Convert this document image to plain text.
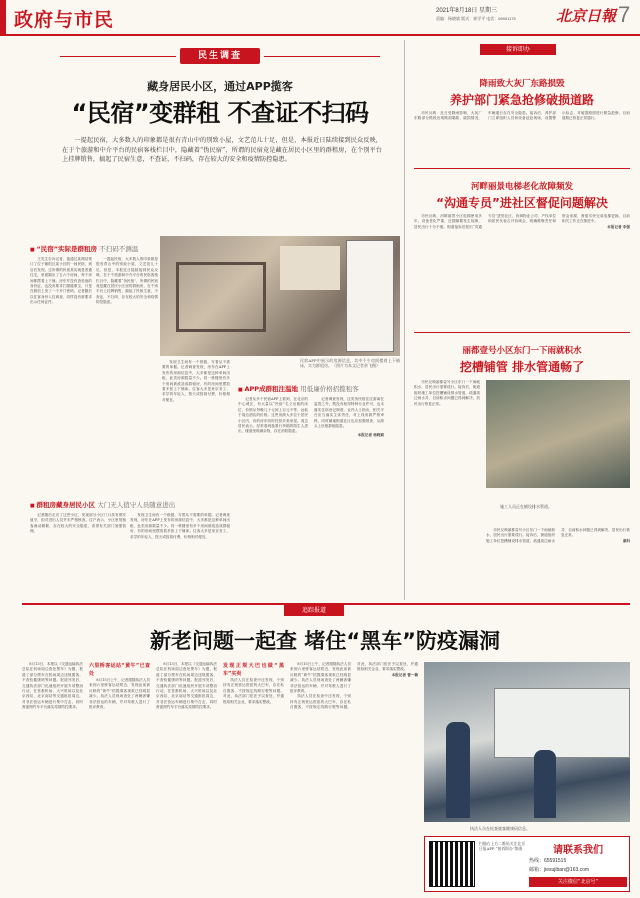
政府与市民	2021年8月18日 星期三
责编：杨晓斌 版式：崔学平 电话：65901175	北京日報 7
民生调查
藏身居民小区，通过APP揽客
“民宿”变群租 不查证不扫码
一提起民宿，大多数人的印象都是很有青山中的别致小屋，文艺范儿十足，但是，本报近日陆续接到民众反映，在于个旅游和中介平台的民宿客栈栏目中，隐藏着“伪民宿”，所谓的民宿竟是藏在居民小区里的群租房，在个别平台上挂牌销售，搞起了民宿生意，不查证，不扫码，存在较大的安全和疫情防控隐患。
民宿APP中展示的房源信息，其中不少房间摆着上下铺床，实为群租房。（图片为本文记者余飞摄）
■ “民宿”实际是群租房 不扫码不测温

王先生告诉记者，他通过某网站预订了位于朝阳区某小区的一间民宿，到店后发现，这所谓的民宿其实就是普通住宅，里面隔出了五六个房间，每个房间都摆着上下铺。房东并没有查验他的身份证，也没有要求扫描健康宝，只是在微信上发了一个开门密码。记者随后以住客身份入住调查，同样没有被要求出示任何证件。

一提起民宿，大多数人的印象都是很有青山中的别致小屋，文艺范儿十足，但是，本报近日陆续接到民众反映，在于个旅游和中介平台的民宿客栈栏目中，隐藏着“伪民宿”，所谓的民宿竟是藏在居民小区里的群租房，在个别平台上挂牌销售，搞起了民宿生意，不查证，不扫码，存在较大的安全和疫情防控隐患。

发现卫生间有一个纸箱，写着从不需要的单据。记者调查发现，房东在APP上发布的房源信息中，大多都是这种单间出租，此类房源数量不少。同一栋楼里有多个房间被改造成群租房，有的房间里摆放着多张上下铺床。住客大多是来京务工、求学的年轻人，按天或按周付费，价格相对便宜。

■ APP成群租注温地 用低廉价格招揽租客

记者从多个民宿APP上看到，在北京的中心城区，有大量以“民宿”名义出租的床位，价格从每晚几十元到上百元不等，远低于周边酒店的价格。这些房源大多位于居民小区内，有的房东同时经营多套房屋。周边居民表示，经常看到拖着行李箱的陌生人进出，楼道里堆满杂物，存在消防隐患。

记者调查发现，这类伪民宿往往游离在监管之外，既没有取得特种行业许可，也未落实住宿登记制度。业内人士指出，相关平台应当落实主体责任，对上线房源严格审核，同时属地街道社区也应加强排查，从源头上杜绝群租隐患。

本报记者 杨晓斌

■ 群租房藏身居民小区 大门无人值守人员随意进出

记者随后走访了这些小区，发现部分小区门口虽有保安值守，但对进出人员并未严格核查。住户表示，小区里短租客流动频繁，存在较大的安全隐患，希望有关部门加强管理。

发现卫生间有一个纸箱，写着从不需要的单据。记者调查发现，房东在APP上发布的房源信息中，大多都是这种单间出租，此类房源数量不少。同一栋楼里有多个房间被改造成群租房，有的房间里摆放着多张上下铺床。住客大多是来京务工、求学的年轻人，按天或按周付费，价格相对便宜。

接诉即办
降雨致大灰厂东路损毁
养护部门紧急抢修破损道路

市民反映：近日受降雨影响，大灰厂东路部分路段出现路面塌陷、破损情况，车辆通行存在安全隐患。接诉后，养护部门立即组织人员和设备赶赴现场，设置警示标志，对破损路面进行紧急抢修，目前道路已恢复正常通行。

河畔丽景电梯老化故障频发
“沟通专员”进社区督促问题解决

市民反映，河畔丽景小区电梯使用多年，设备老化严重，近期频繁发生故障，居民出行十分不便。街道接诉后派出“沟通专员”进驻社区，协调物业公司、产权单位和居民代表召开协调会，明确维修责任和资金来源，督促尽快完成电梯更换，目前相关工作正在推进中。

本报记者 李强

丽都壹号小区东门一下雨就积水
挖槽铺管 排水管通畅了

市民反映丽都壹号小区东门一下雨就积水，居民出行需要绕行。接诉后，街道组织施工单位挖槽铺设排水管道，疏通周边雨水井，目前积水问题已得到解决，居民出行恢复正常。

施工人员正在铺设排水管道。

市民反映丽都壹号小区东门一下雨就积水，居民出行需要绕行。接诉后，街道组织施工单位挖槽铺设排水管道，疏通周边雨水井，目前积水问题已得到解决，居民出行恢复正常。

康科

追踪报道
新老问题一起查 堵住“黑车”防疫漏洞

8月13日，本报以《交通运输执法总队在机场周边查处黑车》为题，报道了部分黑车在机场周边违规揽客、不查验健康码等问题。报道刊发后，交通执法部门迅速组织开展专项整治行动，在首都机场、大兴机场以及北京西站、北京南站等交通枢纽周边，对非法营运车辆进行集中打击，同时督促网约车平台落实疫情防控要求。

六里桥客运站“黄牛”已查处

8月15日上午，记者跟随执法人员来到六里桥客运站附近，发现此前被反映的“黄牛”招揽乘客现象已经明显减少。执法人员现场查处了两辆涉嫌非法营运的车辆，并对驾驶人进行了批评教育。

8月13日，本报以《交通运输执法总队在机场周边查处黑车》为题，报道了部分黑车在机场周边违规揽客、不查验健康码等问题。报道刊发后，交通执法部门迅速组织开展专项整治行动，在首都机场、大兴机场以及北京西站、北京南站等交通枢纽周边，对非法营运车辆进行集中打击，同时督促网约车平台落实疫情防控要求。

发现正规大巴也做“黑车”买卖

执法人员在检查中还发现，个别持有正规营运资质的大巴车，存在私自揽客、不按规定线路行驶等问题。对此，执法部门依法予以查处，并通报给相关企业，要求落实整改。

8月15日上午，记者跟随执法人员来到六里桥客运站附近，发现此前被反映的“黄牛”招揽乘客现象已经明显减少。执法人员现场查处了两辆涉嫌非法营运的车辆，并对驾驶人进行了批评教育。

执法人员在检查中还发现，个别持有正规营运资质的大巴车，存在私自揽客、不按规定线路行驶等问题。对此，执法部门依法予以查处，并通报给相关企业，要求落实整改。

本报记者 曹一楠

执法人员在检查旅客健康码信息。
扫描右上方二维码关注北京日报APP “接诉即办”频道	请联系我们
热线：65591515
邮箱：jiesujiban@163.com
关注微信“北京号”
